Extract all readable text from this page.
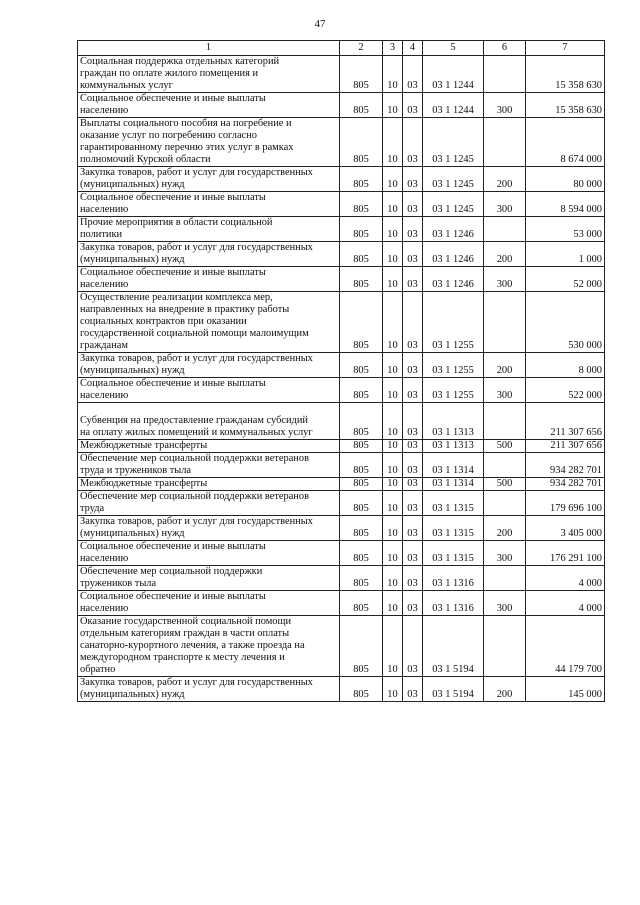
47
1	2	3	4	5	6	7
Социальная поддержка отдельных категорий
граждан по оплате жилого помещения и
коммунальных услуг	805	10	03	03 1 1244		15 358 630
Социальное обеспечение и иные выплаты
населению	805	10	03	03 1 1244	300	15 358 630
Выплаты социального пособия на погребение и
оказание услуг по погребению согласно
гарантированному перечню этих услуг в рамках
полномочий Курской области	805	10	03	03 1 1245		8 674 000
Закупка товаров, работ и услуг для государственных
(муниципальных) нужд	805	10	03	03 1 1245	200	80 000
Социальное обеспечение и иные выплаты
населению	805	10	03	03 1 1245	300	8 594 000
Прочие мероприятия в области социальной
политики	805	10	03	03 1 1246		53 000
Закупка товаров, работ и услуг для государственных
(муниципальных) нужд	805	10	03	03 1 1246	200	1 000
Социальное обеспечение и иные выплаты
населению	805	10	03	03 1 1246	300	52 000
Осуществление реализации комплекса мер,
направленных на внедрение в практику работы
социальных контрактов при оказании
государственной социальной помощи малоимущим
гражданам	805	10	03	03 1 1255		530 000
Закупка товаров, работ и услуг для государственных
(муниципальных) нужд	805	10	03	03 1 1255	200	8 000
Социальное обеспечение и иные выплаты
населению	805	10	03	03 1 1255	300	522 000

Субвенция на предоставление гражданам субсидий
на оплату жилых помещений и коммунальных услуг	805	10	03	03 1 1313		211 307 656
Межбюджетные трансферты	805	10	03	03 1 1313	500	211 307 656
Обеспечение мер социальной поддержки ветеранов
труда и тружеников тыла	805	10	03	03 1 1314		934 282 701
Межбюджетные трансферты	805	10	03	03 1 1314	500	934 282 701
Обеспечение мер социальной поддержки ветеранов
труда	805	10	03	03 1 1315		179 696 100
Закупка товаров, работ и услуг для государственных
(муниципальных) нужд	805	10	03	03 1 1315	200	3 405 000
Социальное обеспечение и иные выплаты
населению	805	10	03	03 1 1315	300	176 291 100
Обеспечение мер социальной поддержки
тружеников тыла	805	10	03	03 1 1316		4 000
Социальное обеспечение и иные выплаты
населению	805	10	03	03 1 1316	300	4 000
Оказание государственной социальной помощи
отдельным категориям граждан в части оплаты
санаторно-курортного лечения, а также проезда на
междугородном транспорте к месту лечения и
обратно	805	10	03	03 1 5194		44 179 700
Закупка товаров, работ и услуг для государственных
(муниципальных) нужд	805	10	03	03 1 5194	200	145 000
